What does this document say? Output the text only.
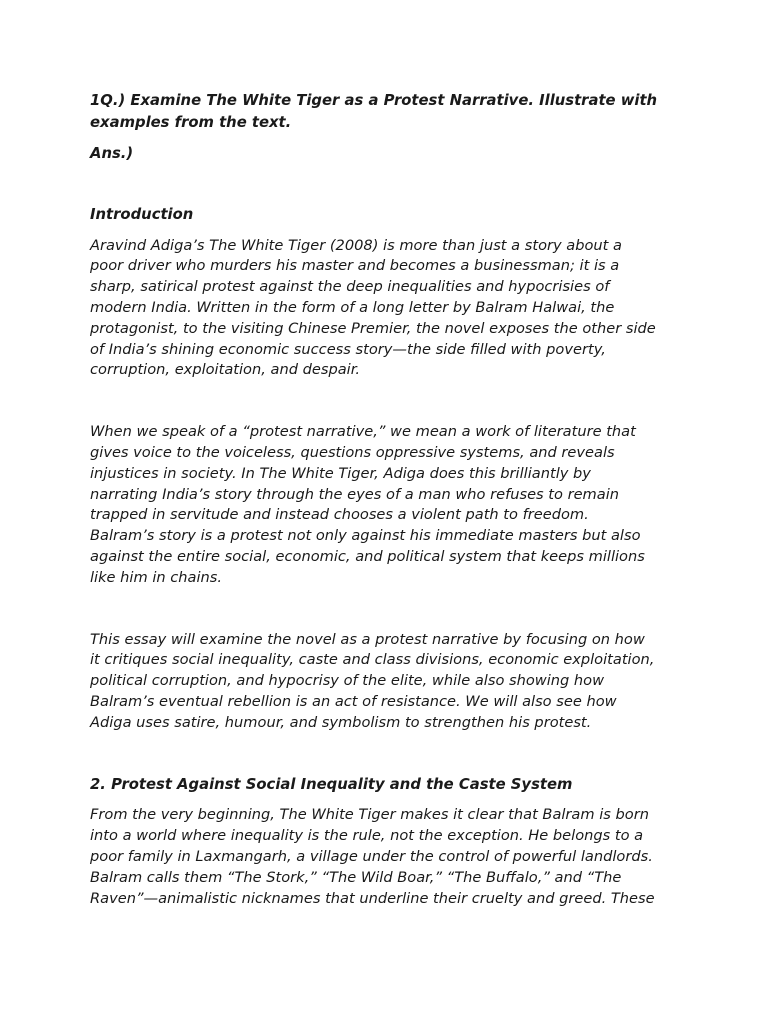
1Q.) Examine The White Tiger as a Protest Narrative. Illustrate with examples from the text.

Ans.)

Introduction

Aravind Adiga’s The White Tiger (2008) is more than just a story about a
poor driver who murders his master and becomes a businessman; it is a
sharp, satirical protest against the deep inequalities and hypocrisies of
modern India. Written in the form of a long letter by Balram Halwai, the
protagonist, to the visiting Chinese Premier, the novel exposes the other side
of India’s shining economic success story—the side filled with poverty,
corruption, exploitation, and despair.

When we speak of a “protest narrative,” we mean a work of literature that
gives voice to the voiceless, questions oppressive systems, and reveals
injustices in society. In The White Tiger, Adiga does this brilliantly by
narrating India’s story through the eyes of a man who refuses to remain
trapped in servitude and instead chooses a violent path to freedom.
Balram’s story is a protest not only against his immediate masters but also
against the entire social, economic, and political system that keeps millions
like him in chains.

This essay will examine the novel as a protest narrative by focusing on how
it critiques social inequality, caste and class divisions, economic exploitation,
political corruption, and hypocrisy of the elite, while also showing how
Balram’s eventual rebellion is an act of resistance. We will also see how
Adiga uses satire, humour, and symbolism to strengthen his protest.

2. Protest Against Social Inequality and the Caste System

From the very beginning, The White Tiger makes it clear that Balram is born
into a world where inequality is the rule, not the exception. He belongs to a
poor family in Laxmangarh, a village under the control of powerful landlords.
Balram calls them “The Stork,” “The Wild Boar,” “The Buffalo,” and “The
Raven”—animalistic nicknames that underline their cruelty and greed. These
